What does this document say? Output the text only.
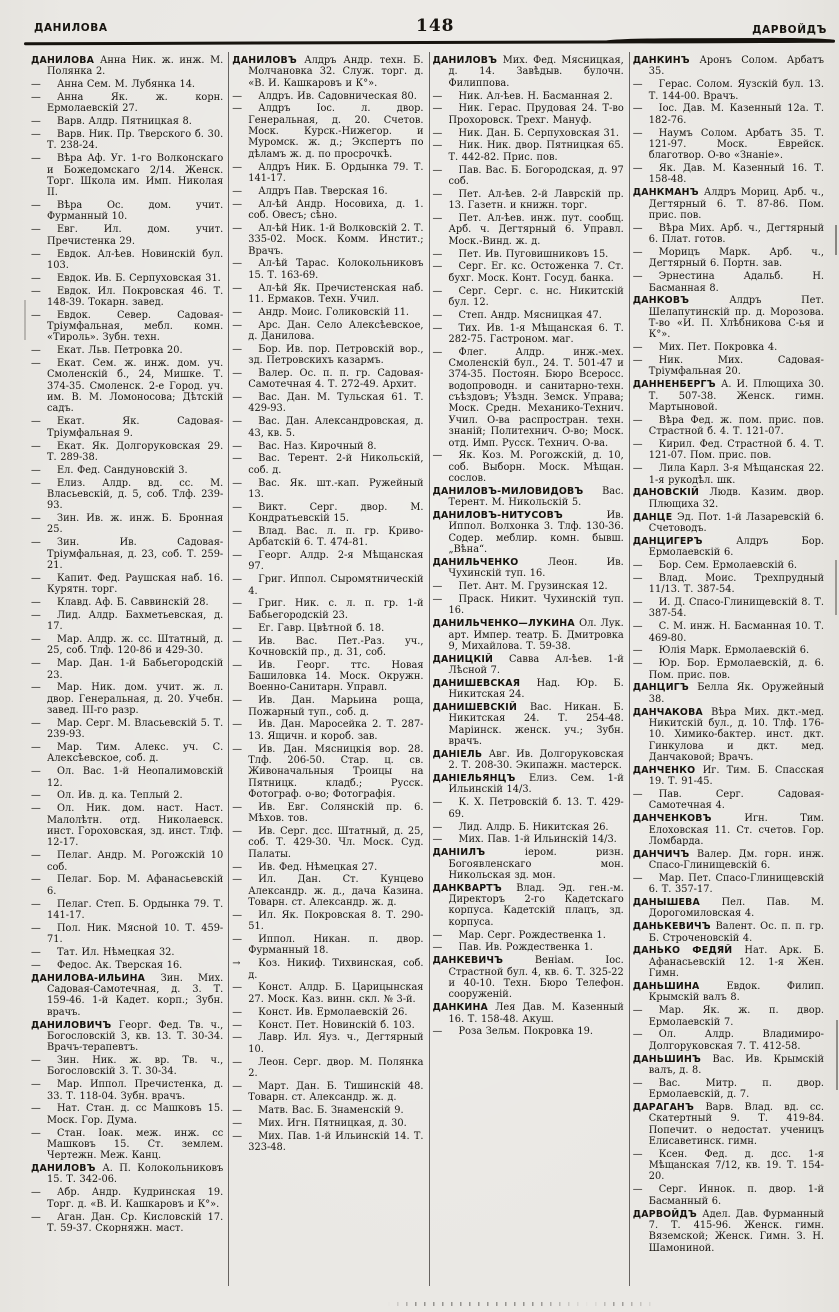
ДАНИЛОВА	148	ДАРВОЙДЪ
ДАНИЛОВА Анна Ник. ж. инж. М. Полянка 2.
— Анна Сем. М. Лубянка 14.
— Анна Як. ж. корн. Ермолаевскій 27.
— Варв. Алдр. Пятницкая 8.
— Варв. Ник. Пр. Тверского б. 30. Т. 238-24.
— Вѣра Аф. Уг. 1-го Волконскаго и Божедомскаго 2/14. Женск. Торг. Школа им. Имп. Николая II.
— Вѣра Ос. дом. учит. Фурманный 10.
— Евг. Ил. дом. учит. Пречистенка 29.
— Евдок. Ал-ѣев. Новинскій бул. 103.
— Евдок. Ив. Б. Серпуховская 31.
— Евдок. Ил. Покровская 46. Т. 148-39. Токарн. завед.
— Евдок. Север. Садовая-Тріумфальная, мебл. комн. «Тироль». Зубн. техн.
— Екат. Льв. Петровка 20.
— Екат. Сем. ж. инж. дом. уч. Смоленскій б., 24, Мишке. Т. 374-35. Смоленск. 2-е Город. уч. им. В. М. Ломоносова; Дѣтскій садъ.
— Екат. Як. Садовая-Тріумфальная 9.
— Екат. Як. Долгоруковская 29. Т. 289-38.
— Ел. Фед. Сандуновскій 3.
— Елиз. Алдр. вд. сс. М. Власьевскій, д. 5, соб. Тлф. 239-93.
— Зин. Ив. ж. инж. Б. Бронная 25.
— Зин. Ив. Садовая-Тріумфальная, д. 23, соб. Т. 259-21.
— Капит. Фед. Раушская наб. 16. Курятн. торг.
— Клавд. Аф. Б. Саввинскій 28.
— Лид. Алдр. Бахметьевская, д. 17.
— Мар. Алдр. ж. сс. Штатный, д. 25, соб. Тлф. 120-86 и 429-30.
— Мар. Дан. 1-й Бабьегородскій 23.
— Мар. Ник. дом. учит. ж. л. двор. Генеральная, д. 20. Учебн. завед. III-го разр.
— Мар. Серг. М. Власьевскій 5. Т. 239-93.
— Мар. Тим. Алекс. уч. С. Алексѣевское, соб. д.
— Ол. Вас. 1-й Неопалимовскій 12.
— Ол. Ив. д. ка. Теплый 2.
— Ол. Ник. дом. наст. Наст. Малолѣтн. отд. Николаевск. инст. Гороховская, зд. инст. Тлф. 12-17.
— Пелаг. Андр. М. Рогожскій 10 соб.
— Пелаг. Бор. М. Афанасьевскій 6.
— Пелаг. Степ. Б. Ордынка 79. Т. 141-17.
— Пол. Ник. Мясной 10. Т. 459-71.
— Тат. Ил. Нѣмецкая 32.
— Федос. Ак. Тверская 16.
ДАНИЛОВА-ИЛЬИНА Зин. Мих. Садовая-Самотечная, д. 3. Т. 159-46. 1-й Кадет. корп.; Зубн. врачъ.
ДАНИЛОВИЧЪ Георг. Фед. Тв. ч., Богословскій 3, кв. 13. Т. 30-34. Врачъ-терапевтъ.
— Зин. Ник. ж. вр. Тв. ч., Богословскій 3. Т. 30-34.
— Мар. Иппол. Пречистенка, д. 33. Т. 118-04. Зубн. врачъ.
— Нат. Стан. д. сс Машковъ 15. Моск. Гор. Дума.
— Стан. Іоак. меж. инж. сс Машковъ 15. Ст. землем. Чертежн. Меж. Канц.
ДАНИЛОВЪ А. П. Колокольниковъ 15. Т. 342-06.
— Абр. Андр. Кудринская 19. Торг. д. «В. И. Кашкаровъ и К°».
— Аган. Дан. Ср. Кисловскій 17. Т. 59-37. Скорняжн. маст.
ДАНИЛОВЪ Алдръ Андр. техн. Б. Молчановка 32. Служ. торг. д. «В. И. Кашкаровъ и К°».
— Алдръ. Ив. Садовническая 80.
— Алдръ Іос. л. двор. Генеральная, д. 20. Счетов. Моск. Курск.-Нижегор. и Муромск. ж. д.; Экспертъ по дѣламъ ж. д. по просрочкѣ.
— Алдръ Ник. Б. Ордынка 79. Т. 141-17.
— Алдръ Пав. Тверская 16.
— Ал-ѣй Андр. Носовиха, д. 1. соб. Овесъ; сѣно.
— Ал-ѣй Ник. 1-й Волковскій 2. Т. 335-02. Моск. Комм. Инстит.; Врачъ.
— Ал-ѣй Тарас. Колокольниковъ 15. Т. 163-69.
— Ал-ѣй Як. Пречистенская наб. 11. Ермаков. Техн. Учил.
— Андр. Моис. Голиковскій 11.
— Арс. Дан. Село Алексѣевское, д. Данилова.
— Бор. Ив. пор. Петровскій вор., зд. Петровскихъ казармъ.
— Валер. Ос. п. п. гр. Садовая-Самотечная 4. Т. 272-49. Архит.
— Вас. Дан. М. Тульская 61. Т. 429-93.
— Вас. Дан. Александровская, д. 43, кв. 5.
— Вас. Наз. Кирочный 8.
— Вас. Терент. 2-й Никольскій, соб. д.
— Вас. Як. шт.-кап. Ружейный 13.
— Викт. Серг. двор. М. Кондратьевскій 15.
— Влад. Вас. л. п. гр. Криво-Арбатскій 6. Т. 474-81.
— Георг. Алдр. 2-я Мѣщанская 97.
— Григ. Иппол. Сыромятническій 4.
— Григ. Ник. с. л. п. гр. 1-й Бабьегородскій 23.
— Ег. Гавр. Цвѣтной б. 18.
— Ив. Вас. Пет.-Раз. уч., Кочновскій пр., д. 31, соб.
— Ив. Георг. ттс. Новая Башиловка 14. Моск. Окружн. Военно-Санитарн. Управл.
— Ив. Дан. Марьина роща, Пожарный туп., соб. д.
— Ив. Дан. Маросейка 2. Т. 287-13. Ящичн. и короб. зав.
— Ив. Дан. Мясницкія вор. 28. Тлф. 206-50. Стар. ц. св. Живоначальныя Троицы на Пятницк. кладб.; Русск. Фотограф. о-во; Фотографія.
— Ив. Евг. Солянскій пр. 6. Мѣхов. тов.
— Ив. Серг. дсс. Штатный, д. 25, соб. Т. 429-30. Чл. Моск. Суд. Палаты.
— Ив. Фед. Нѣмецкая 27.
— Ил. Дан. Ст. Кунцево Александр. ж. д., дача Казина. Товарн. ст. Александр. ж. д.
— Ил. Як. Покровская 8. Т. 290-51.
— Иппол. Никан. п. двор. Фурманный 18.
→ Коз. Никиф. Тихвинская, соб. д.
— Конст. Алдр. Б. Царицынская 27. Моск. Каз. винн. скл. № 3-й.
— Конст. Ив. Ермолаевскій 26.
— Конст. Пет. Новинскій б. 103.
— Лавр. Ил. Яуз. ч., Дегтярный 10.
— Леон. Серг. двор. М. Полянка 2.
— Март. Дан. Б. Тишинскій 48. Товарн. ст. Александр. ж. д.
— Матв. Вас. Б. Знаменскій 9.
— Мих. Игн. Пятницкая, д. 30.
— Мих. Пав. 1-й Ильинскій 14. Т. 323-48.
ДАНИЛОВЪ Мих. Фед. Мясницкая, д. 14. Завѣдыв. булочн. Филиппова.
— Ник. Ал-ѣев. Н. Басманная 2.
— Ник. Герас. Прудовая 24. Т-во Прохоровск. Трехг. Мануф.
— Ник. Дан. Б. Серпуховская 31.
— Ник. Ник. двор. Пятницкая 65. Т. 442-82. Прис. пов.
— Пав. Вас. Б. Богородская, д. 97 соб.
— Пет. Ал-ѣев. 2-й Лаврскій пр. 13. Газетн. и книжн. торг.
— Пет. Ал-ѣев. инж. пут. сообщ. Арб. ч. Дегтярный 6. Управл. Моск.-Винд. ж. д.
— Пет. Ив. Пуговишниковъ 15.
— Серг. Ег. кс. Остоженка 7. Ст. бухг. Моск. Конт. Госуд. банка.
— Серг. Серг. с. нс. Никитскій бул. 12.
— Степ. Андр. Мясницкая 47.
— Тих. Ив. 1-я Мѣщанская 6. Т. 282-75. Гастроном. маг.
— Флег. Алдр. инж.-мех. Смоленскій бул., 24. Т. 501-47 и 374-35. Постоян. Бюро Всеросс. водопроводн. и санитарно-техн. съѣздовъ; Уѣздн. Земск. Управа; Моск. Средн. Механико-Технич. Учил. О-ва распростран. техн. знаній; Политехнич. О-во; Моск. отд. Имп. Русск. Технич. О-ва.
— Як. Коз. М. Рогожскій, д. 10, соб. Выборн. Моск. Мѣщан. сослов.
ДАНИЛОВЪ-МИЛОВИДОВЪ Вас. Терент. М. Никольскій 5.
ДАНИЛОВЪ-НИТУСОВЪ Ив. Иппол. Волхонка 3. Тлф. 130-36. Содер. меблир. комн. бывш. „Вѣна“.
ДАНИЛЬЧЕНКО Леон. Ив. Чухинскій туп. 16.
— Пет. Ант. М. Грузинская 12.
— Праск. Никит. Чухинскій туп. 16.
ДАНИЛЬЧЕНКО—ЛУКИНА Ол. Лук. арт. Импер. театр. Б. Дмитровка 9, Михайлова. Т. 59-38.
ДАНИЦКІЙ Савва Ал-ѣев. 1-й Лѣсной 7.
ДАНИШЕВСКАЯ Над. Юр. Б. Никитская 24.
ДАНИШЕВСКІЙ Вас. Никан. Б. Никитская 24. Т. 254-48. Маріинск. женск. уч.; Зубн. врачъ.
ДАНІЕЛЬ Авг. Ив. Долгоруковская 2. Т. 208-30. Экипажн. мастерск.
ДАНІЕЛЬЯНЦЪ Елиз. Сем. 1-й Ильинскій 14/3.
— К. Х. Петровскій б. 13. Т. 429-69.
— Лид. Алдр. Б. Никитская 26.
— Мих. Пав. 1-й Ильинскій 14/3.
ДАНІИЛЪ іером. ризн. Богоявленскаго мон. Никольская зд. мон.
ДАНКВАРТЪ Влад. Эд. ген.-м. Директоръ 2-го Кадетскаго корпуса. Кадетскій плацъ, зд. корпуса.
— Мар. Серг. Рождественка 1.
— Пав. Ив. Рождественка 1.
ДАНКЕВИЧЪ Веніам. Іос. Страстной бул. 4, кв. 6. Т. 325-22 и 40-10. Техн. Бюро Телефон. сооруженій.
ДАНКИНА Лея Дав. М. Казенный 16. Т. 158-48. Акуш.
— Роза Зельм. Покровка 19.
ДАНКИНЪ Аронъ Солом. Арбатъ 35.
— Герас. Солом. Яузскій бул. 13. Т. 144-00. Врачъ.
— Іос. Дав. М. Казенный 12а. Т. 182-76.
— Наумъ Солом. Арбатъ 35. Т. 121-97. Моск. Еврейск. благотвор. О-во «Знаніе».
— Як. Дав. М. Казенный 16. Т. 158-48.
ДАНКМАНЪ Алдръ Мориц. Арб. ч., Дегтярный 6. Т. 87-86. Пом. прис. пов.
— Вѣра Мих. Арб. ч., Дегтярный 6. Плат. готов.
— Морицъ Марк. Арб. ч., Дегтярный 6. Портн. зав.
— Эрнестина Адальб. Н. Басманная 8.
ДАНКОВЪ Алдръ Пет. Шелапутинскій пр. д. Морозова. Т-во «И. П. Хлѣбникова С-ья и К°».
— Мих. Пет. Покровка 4.
— Ник. Мих. Садовая-Тріумфальная 20.
ДАННЕНБЕРГЪ А. И. Плющиха 30. Т. 507-38. Женск. гимн. Мартыновой.
— Вѣра Фед. ж. пом. прис. пов. Страстной б. 4. Т. 121-07.
— Кирил. Фед. Страстной б. 4. Т. 121-07. Пом. прис. пов.
— Лила Карл. 3-я Мѣщанская 22. 1-я рукодѣл. шк.
ДАНОВСКІЙ Людв. Казим. двор. Плющиха 32.
ДАНЦЕ Эд. Пот. 1-й Лазаревскій 6. Счетоводъ.
ДАНЦИГЕРЪ Алдръ Бор. Ермолаевскій 6.
— Бор. Сем. Ермолаевскій 6.
— Влад. Моис. Трехпрудный 11/13. Т. 387-54.
— И. Д. Спасо-Глинищевскій 8. Т. 387-54.
— С. М. инж. Н. Басманная 10. Т. 469-80.
— Юлія Марк. Ермолаевскій 6.
— Юр. Бор. Ермолаевскій, д. 6. Пом. прис. пов.
ДАНЦИГЪ Белла Як. Оружейный 38.
ДАНЧАКОВА Вѣра Мих. дкт.-мед. Никитскій бул., д. 10. Тлф. 176-10. Химико-бактер. инст. дкт. Гинкулова и дкт. мед. Данчаковой; Врачъ.
ДАНЧЕНКО Иг. Тим. Б. Спасская 19. Т. 91-45.
— Пав. Серг. Садовая-Самотечная 4.
ДАНЧЕНКОВЪ Игн. Тим. Елоховская 11. Ст. счетов. Гор. Ломбарда.
ДАНЧИЧЪ Валер. Дм. горн. инж. Спасо-Глинищевскій 6.
— Мар. Пет. Спасо-Глинищевскій 6. Т. 357-17.
ДАНЫШЕВА Пел. Пав. М. Дорогомиловская 4.
ДАНЬКЕВИЧЪ Валент. Ос. п. п. гр. Б. Строченовскій 4.
ДАНЬКО ФЕДЯЙ Нат. Арк. Б. Афанасьевскій 12. 1-я Жен. Гимн.
ДАНЬШИНА Евдок. Филип. Крымскій валъ 8.
— Мар. Як. ж. п. двор. Ермолаевскій 7.
— Ол. Алдр. Владимиро-Долгоруковская 7. Т. 412-58.
ДАНЬШИНЪ Вас. Ив. Крымскій валъ, д. 8.
— Вас. Митр. п. двор. Ермолаевскій, д. 7.
ДАРАГАНЪ Варв. Влад. вд. сс. Скатертный 9. Т. 419-84. Попечит. о недостат. ученицъ Елисаветинск. гимн.
— Ксен. Фед. д. дсс. 1-я Мѣщанская 7/12, кв. 19. Т. 154-20.
— Серг. Иннок. п. двор. 1-й Басманный 6.
ДАРВОЙДЪ Адел. Дав. Фурманный 7. Т. 415-96. Женск. гимн. Вяземской; Женск. Гимн. З. Н. Шамониной.
